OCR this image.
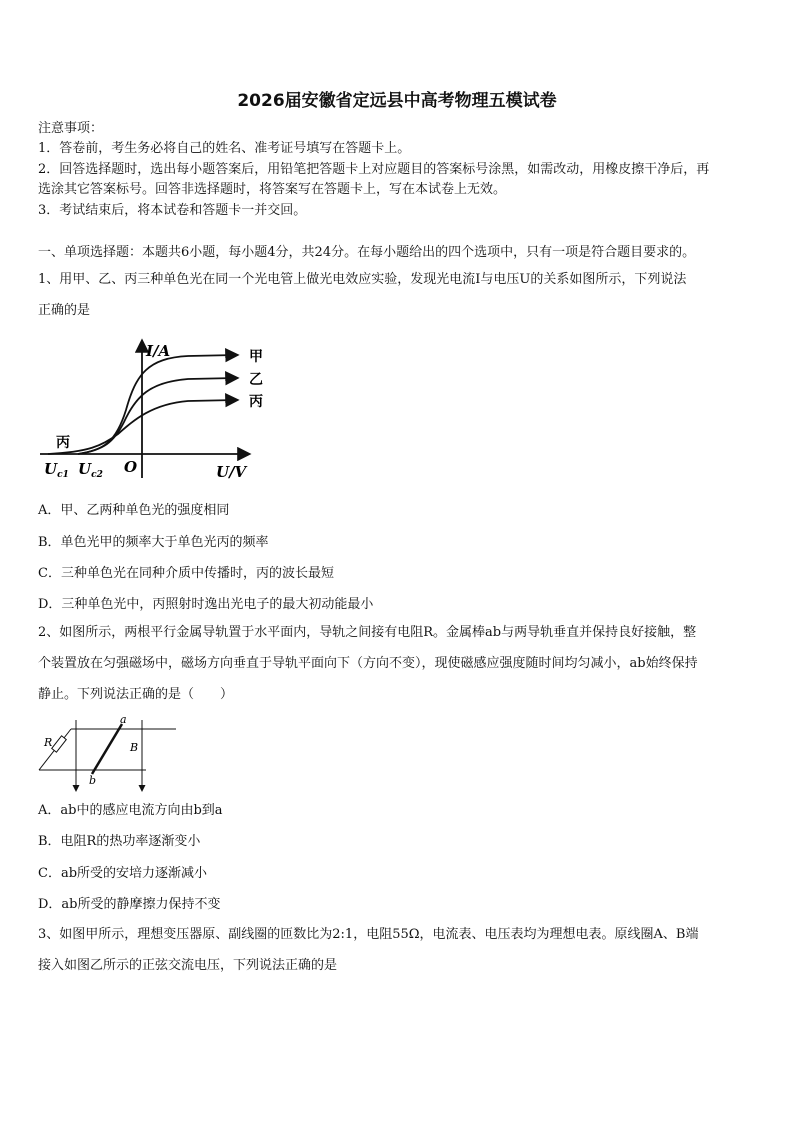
2026届安徽省定远县中高考物理五模试卷
注意事项：
1．答卷前，考生务必将自己的姓名、准考证号填写在答题卡上。
2．回答选择题时，选出每小题答案后，用铅笔把答题卡上对应题目的答案标号涂黑，如需改动，用橡皮擦干净后，再
选涂其它答案标号。回答非选择题时，将答案写在答题卡上，写在本试卷上无效。
3．考试结束后，将本试卷和答题卡一并交回。
一、单项选择题：本题共6小题，每小题4分，共24分。在每小题给出的四个选项中，只有一项是符合题目要求的。
1、用甲、乙、丙三种单色光在同一个光电管上做光电效应实验，发现光电流I与电压U的关系如图所示，下列说法
正确的是
I/A
U/V
O
甲
乙
丙
丙
$U_{c1}$ $U_{c2}$
A．甲、乙两种单色光的强度相同
B．单色光甲的频率大于单色光丙的频率
C．三种单色光在同种介质中传播时，丙的波长最短
D．三种单色光中，丙照射时逸出光电子的最大初动能最小
2、如图所示，两根平行金属导轨置于水平面内，导轨之间接有电阻R。金属棒ab与两导轨垂直并保持良好接触，整
个装置放在匀强磁场中，磁场方向垂直于导轨平面向下（方向不变），现使磁感应强度随时间均匀减小，ab始终保持
静止。下列说法正确的是（　　）
R
a
b
B
A．ab中的感应电流方向由b到a
B．电阻R的热功率逐渐变小
C．ab所受的安培力逐渐减小
D．ab所受的静摩擦力保持不变
3、如图甲所示，理想变压器原、副线圈的匝数比为2:1，电阻55Ω，电流表、电压表均为理想电表。原线圈A、B端
接入如图乙所示的正弦交流电压，下列说法正确的是
